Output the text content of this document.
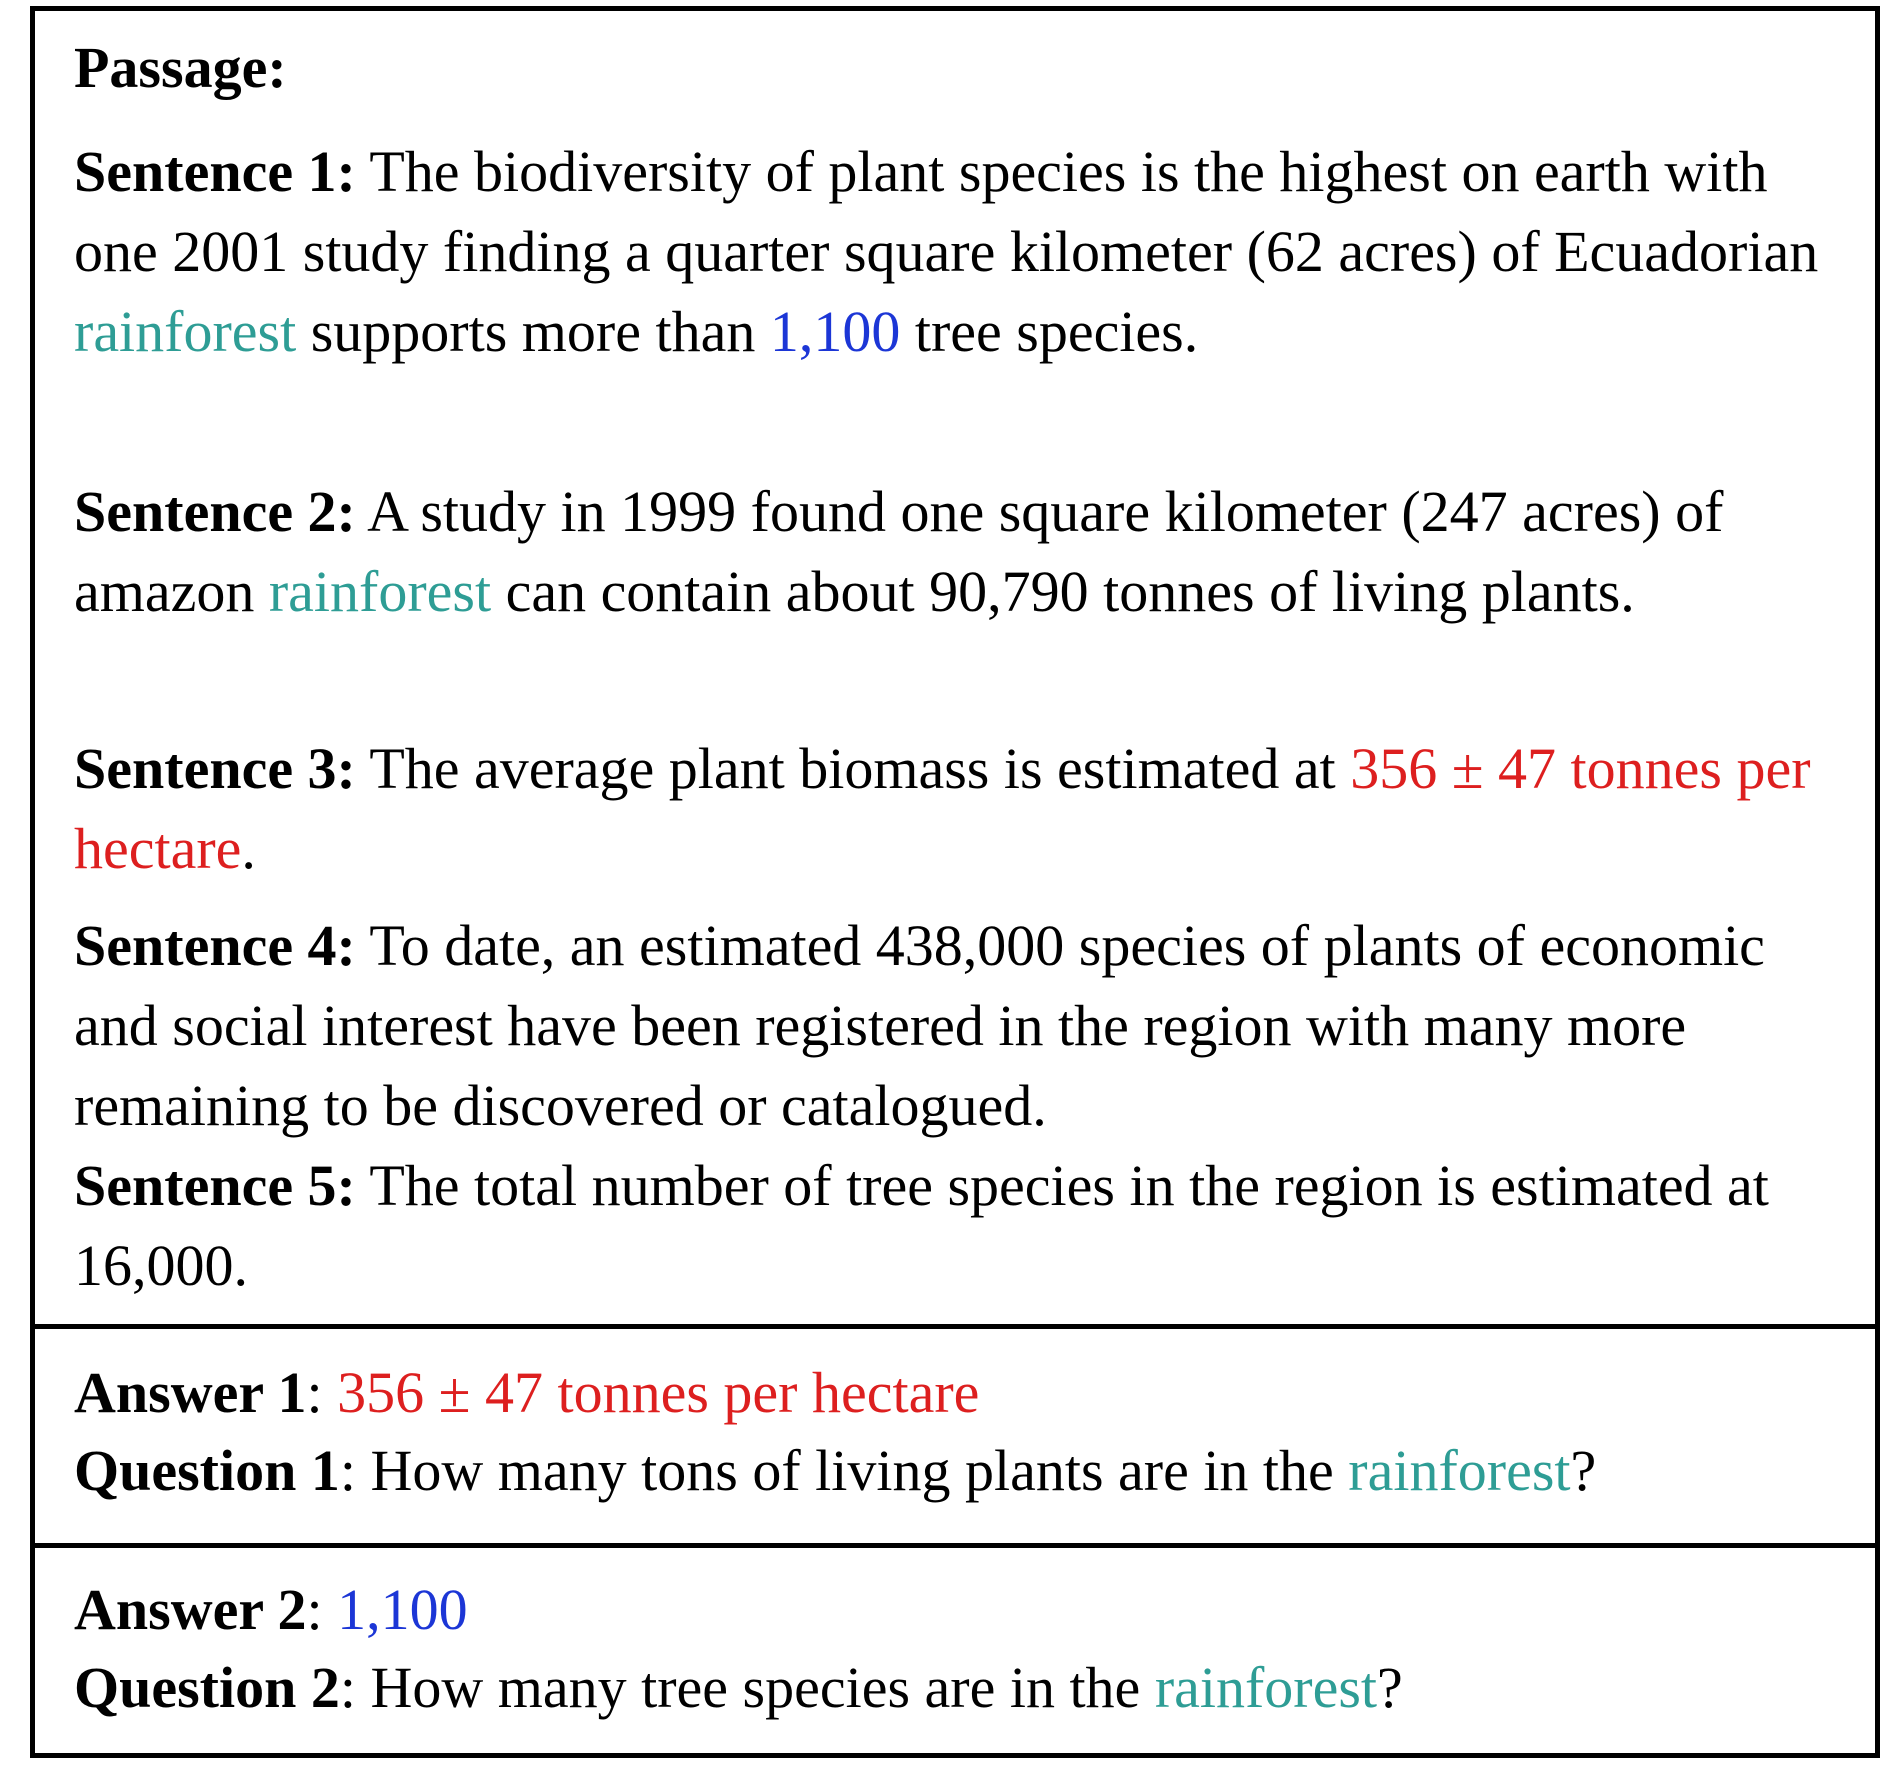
Passage:

Sentence 1: The biodiversity of plant species is the highest on earth with one 2001 study finding a quarter square kilometer (62 acres) of Ecuadorian rainforest supports more than 1,100 tree species.

Sentence 2: A study in 1999 found one square kilometer (247 acres) of amazon rainforest can contain about 90,790 tonnes of living plants.

Sentence 3: The average plant biomass is estimated at 356 ± 47 tonnes per hectare.

Sentence 4: To date, an estimated 438,000 species of plants of economic and social interest have been registered in the region with many more remaining to be discovered or catalogued.

Sentence 5: The total number of tree species in the region is estimated at 16,000.

Answer 1: 356 ± 47 tonnes per hectare
Question 1: How many tons of living plants are in the rainforest?
Answer 2: 1,100
Question 2: How many tree species are in the rainforest?
